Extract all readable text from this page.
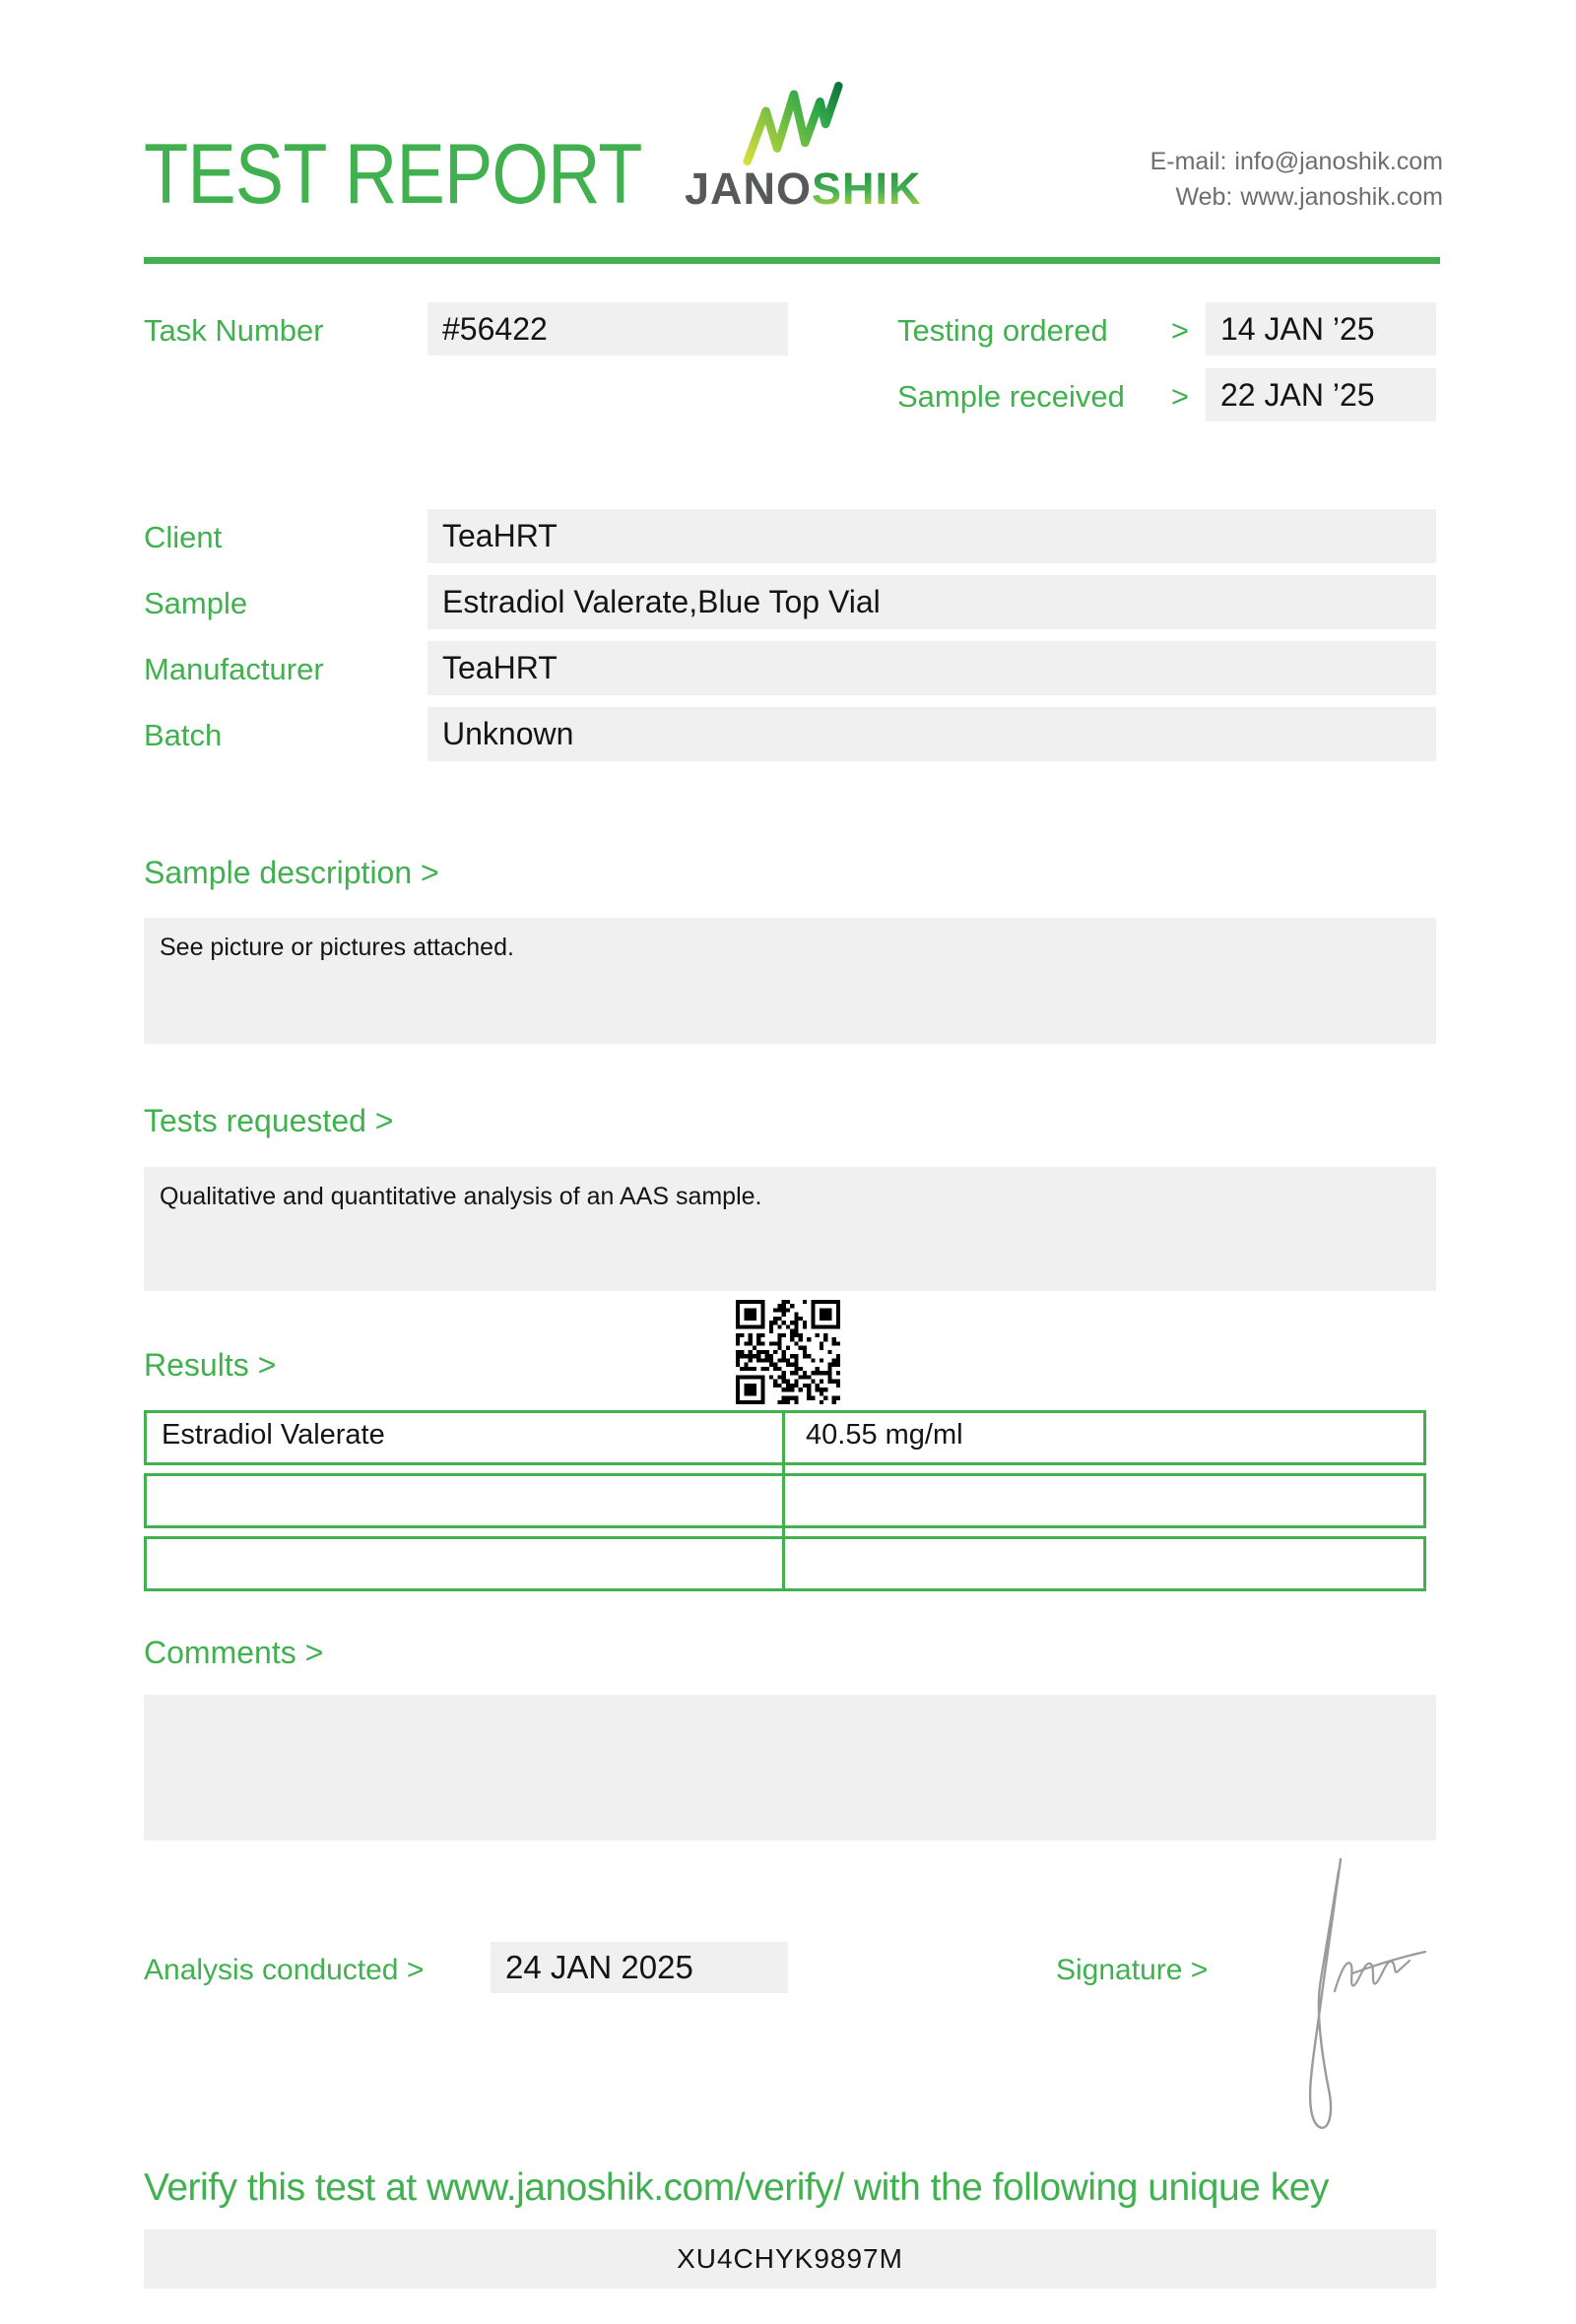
TEST REPORT JANOSHIK
E-mail: info@janoshik.com
Web: www.janoshik.com
Task Number	#56422	Testing ordered >	14 JAN ’25
Sample received >	22 JAN ’25
Client	TeaHRT
Sample	Estradiol Valerate,Blue Top Vial
Manufacturer	TeaHRT
Batch	Unknown
Sample description >
See picture or pictures attached.
Tests requested >
Qualitative and quantitative analysis of an AAS sample.
Results >
Estradiol Valerate	40.55 mg/ml
Comments >
Analysis conducted >	24 JAN 2025	Signature >
Verify this test at www.janoshik.com/verify/ with the following unique key
XU4CHYK9897M
